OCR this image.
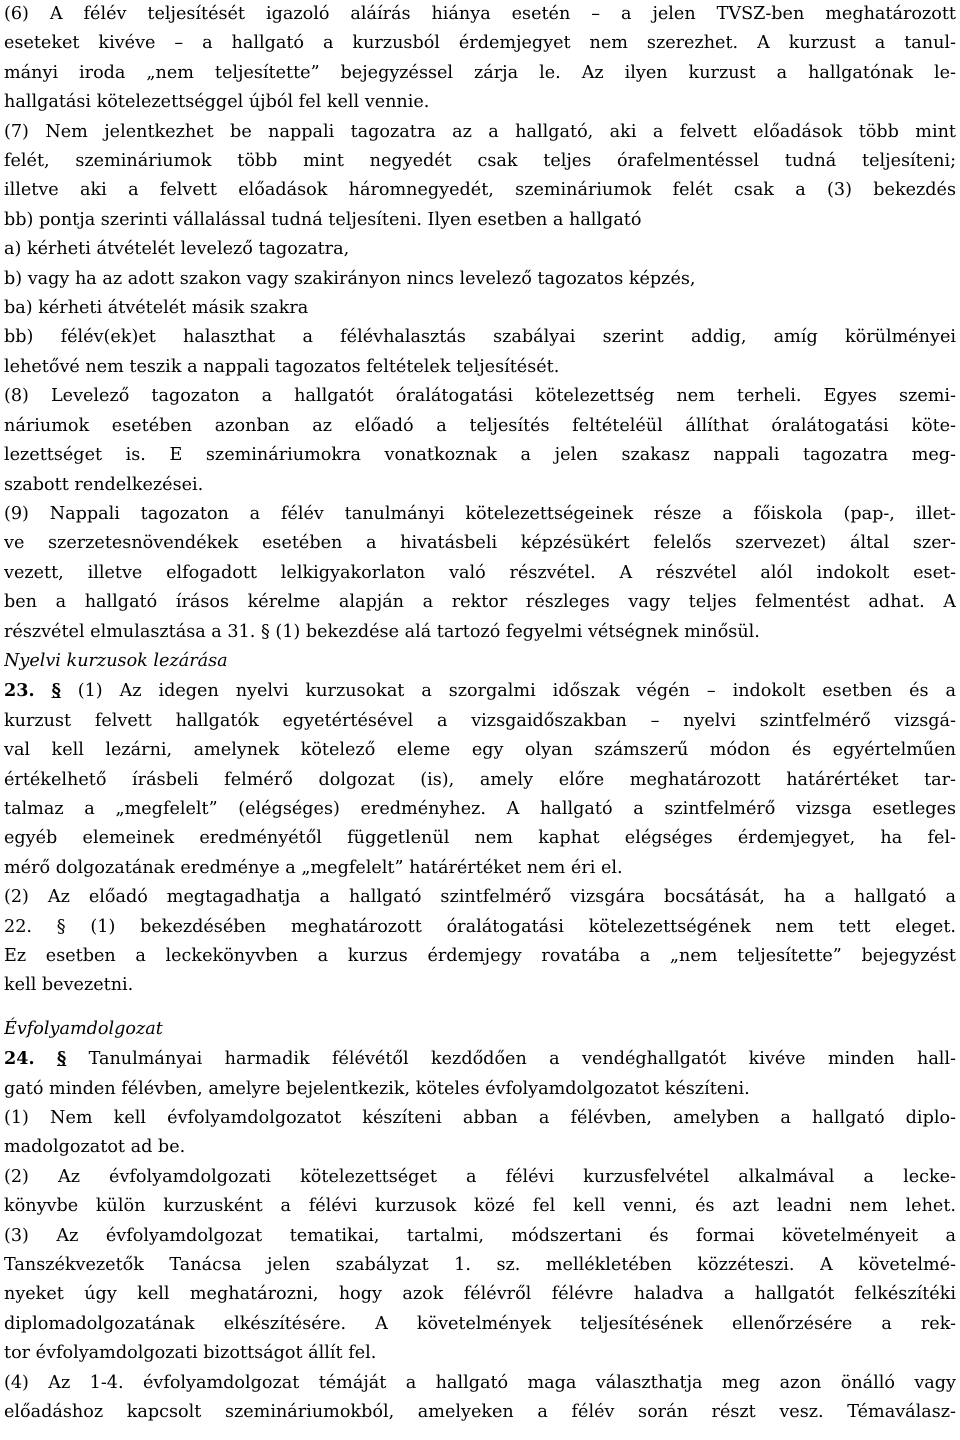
(6) A félév teljesítését igazoló aláírás hiánya esetén – a jelen TVSZ-ben meghatározott
eseteket kivéve – a hallgató a kurzusból érdemjegyet nem szerezhet. A kurzust a tanul-
mányi iroda „nem teljesítette” bejegyzéssel zárja le. Az ilyen kurzust a hallgatónak le-
hallgatási kötelezettséggel újból fel kell vennie.
(7) Nem jelentkezhet be nappali tagozatra az a hallgató, aki a felvett előadások több mint
felét, szemináriumok több mint negyedét csak teljes órafelmentéssel tudná teljesíteni;
illetve aki a felvett előadások háromnegyedét, szemináriumok felét csak a (3) bekezdés
bb) pontja szerinti vállalással tudná teljesíteni. Ilyen esetben a hallgató
a) kérheti átvételét levelező tagozatra,
b) vagy ha az adott szakon vagy szakirányon nincs levelező tagozatos képzés,
ba) kérheti átvételét másik szakra
bb) félév(ek)et halaszthat a félévhalasztás szabályai szerint addig, amíg körülményei
lehetővé nem teszik a nappali tagozatos feltételek teljesítését.
(8) Levelező tagozaton a hallgatót óralátogatási kötelezettség nem terheli. Egyes szemi-
náriumok esetében azonban az előadó a teljesítés feltételéül állíthat óralátogatási köte-
lezettséget is. E szemináriumokra vonatkoznak a jelen szakasz nappali tagozatra meg-
szabott rendelkezései.
(9) Nappali tagozaton a félév tanulmányi kötelezettségeinek része a főiskola (pap-, illet-
ve szerzetesnövendékek esetében a hivatásbeli képzésükért felelős szervezet) által szer-
vezett, illetve elfogadott lelkigyakorlaton való részvétel. A részvétel alól indokolt eset-
ben a hallgató írásos kérelme alapján a rektor részleges vagy teljes felmentést adhat. A
részvétel elmulasztása a 31. § (1) bekezdése alá tartozó fegyelmi vétségnek minősül.
Nyelvi kurzusok lezárása
23. § (1) Az idegen nyelvi kurzusokat a szorgalmi időszak végén – indokolt esetben és a
kurzust felvett hallgatók egyetértésével a vizsgaidőszakban – nyelvi szintfelmérő vizsgá-
val kell lezárni, amelynek kötelező eleme egy olyan számszerű módon és egyértelműen
értékelhető írásbeli felmérő dolgozat (is), amely előre meghatározott határértéket tar-
talmaz a „megfelelt” (elégséges) eredményhez. A hallgató a szintfelmérő vizsga esetleges
egyéb elemeinek eredményétől függetlenül nem kaphat elégséges érdemjegyet, ha fel-
mérő dolgozatának eredménye a „megfelelt” határértéket nem éri el.
(2) Az előadó megtagadhatja a hallgató szintfelmérő vizsgára bocsátását, ha a hallgató a
22. § (1) bekezdésében meghatározott óralátogatási kötelezettségének nem tett eleget.
Ez esetben a leckekönyvben a kurzus érdemjegy rovatába a „nem teljesítette” bejegyzést
kell bevezetni.
Évfolyamdolgozat
24. § Tanulmányai harmadik félévétől kezdődően a vendéghallgatót kivéve minden hall-
gató minden félévben, amelyre bejelentkezik, köteles évfolyamdolgozatot készíteni.
(1) Nem kell évfolyamdolgozatot készíteni abban a félévben, amelyben a hallgató diplo-
madolgozatot ad be.
(2) Az évfolyamdolgozati kötelezettséget a félévi kurzusfelvétel alkalmával a lecke-
könyvbe külön kurzusként a félévi kurzusok közé fel kell venni, és azt leadni nem lehet.
(3) Az évfolyamdolgozat tematikai, tartalmi, módszertani és formai követelményeit a
Tanszékvezetők Tanácsa jelen szabályzat 1. sz. mellékletében közzéteszi. A követelmé-
nyeket úgy kell meghatározni, hogy azok félévről félévre haladva a hallgatót felkészítéki
diplomadolgozatának elkészítésére. A követelmények teljesítésének ellenőrzésére a rek-
tor évfolyamdolgozati bizottságot állít fel.
(4) Az 1-4. évfolyamdolgozat témáját a hallgató maga választhatja meg azon önálló vagy
előadáshoz kapcsolt szemináriumokból, amelyeken a félév során részt vesz. Témaválasz-
